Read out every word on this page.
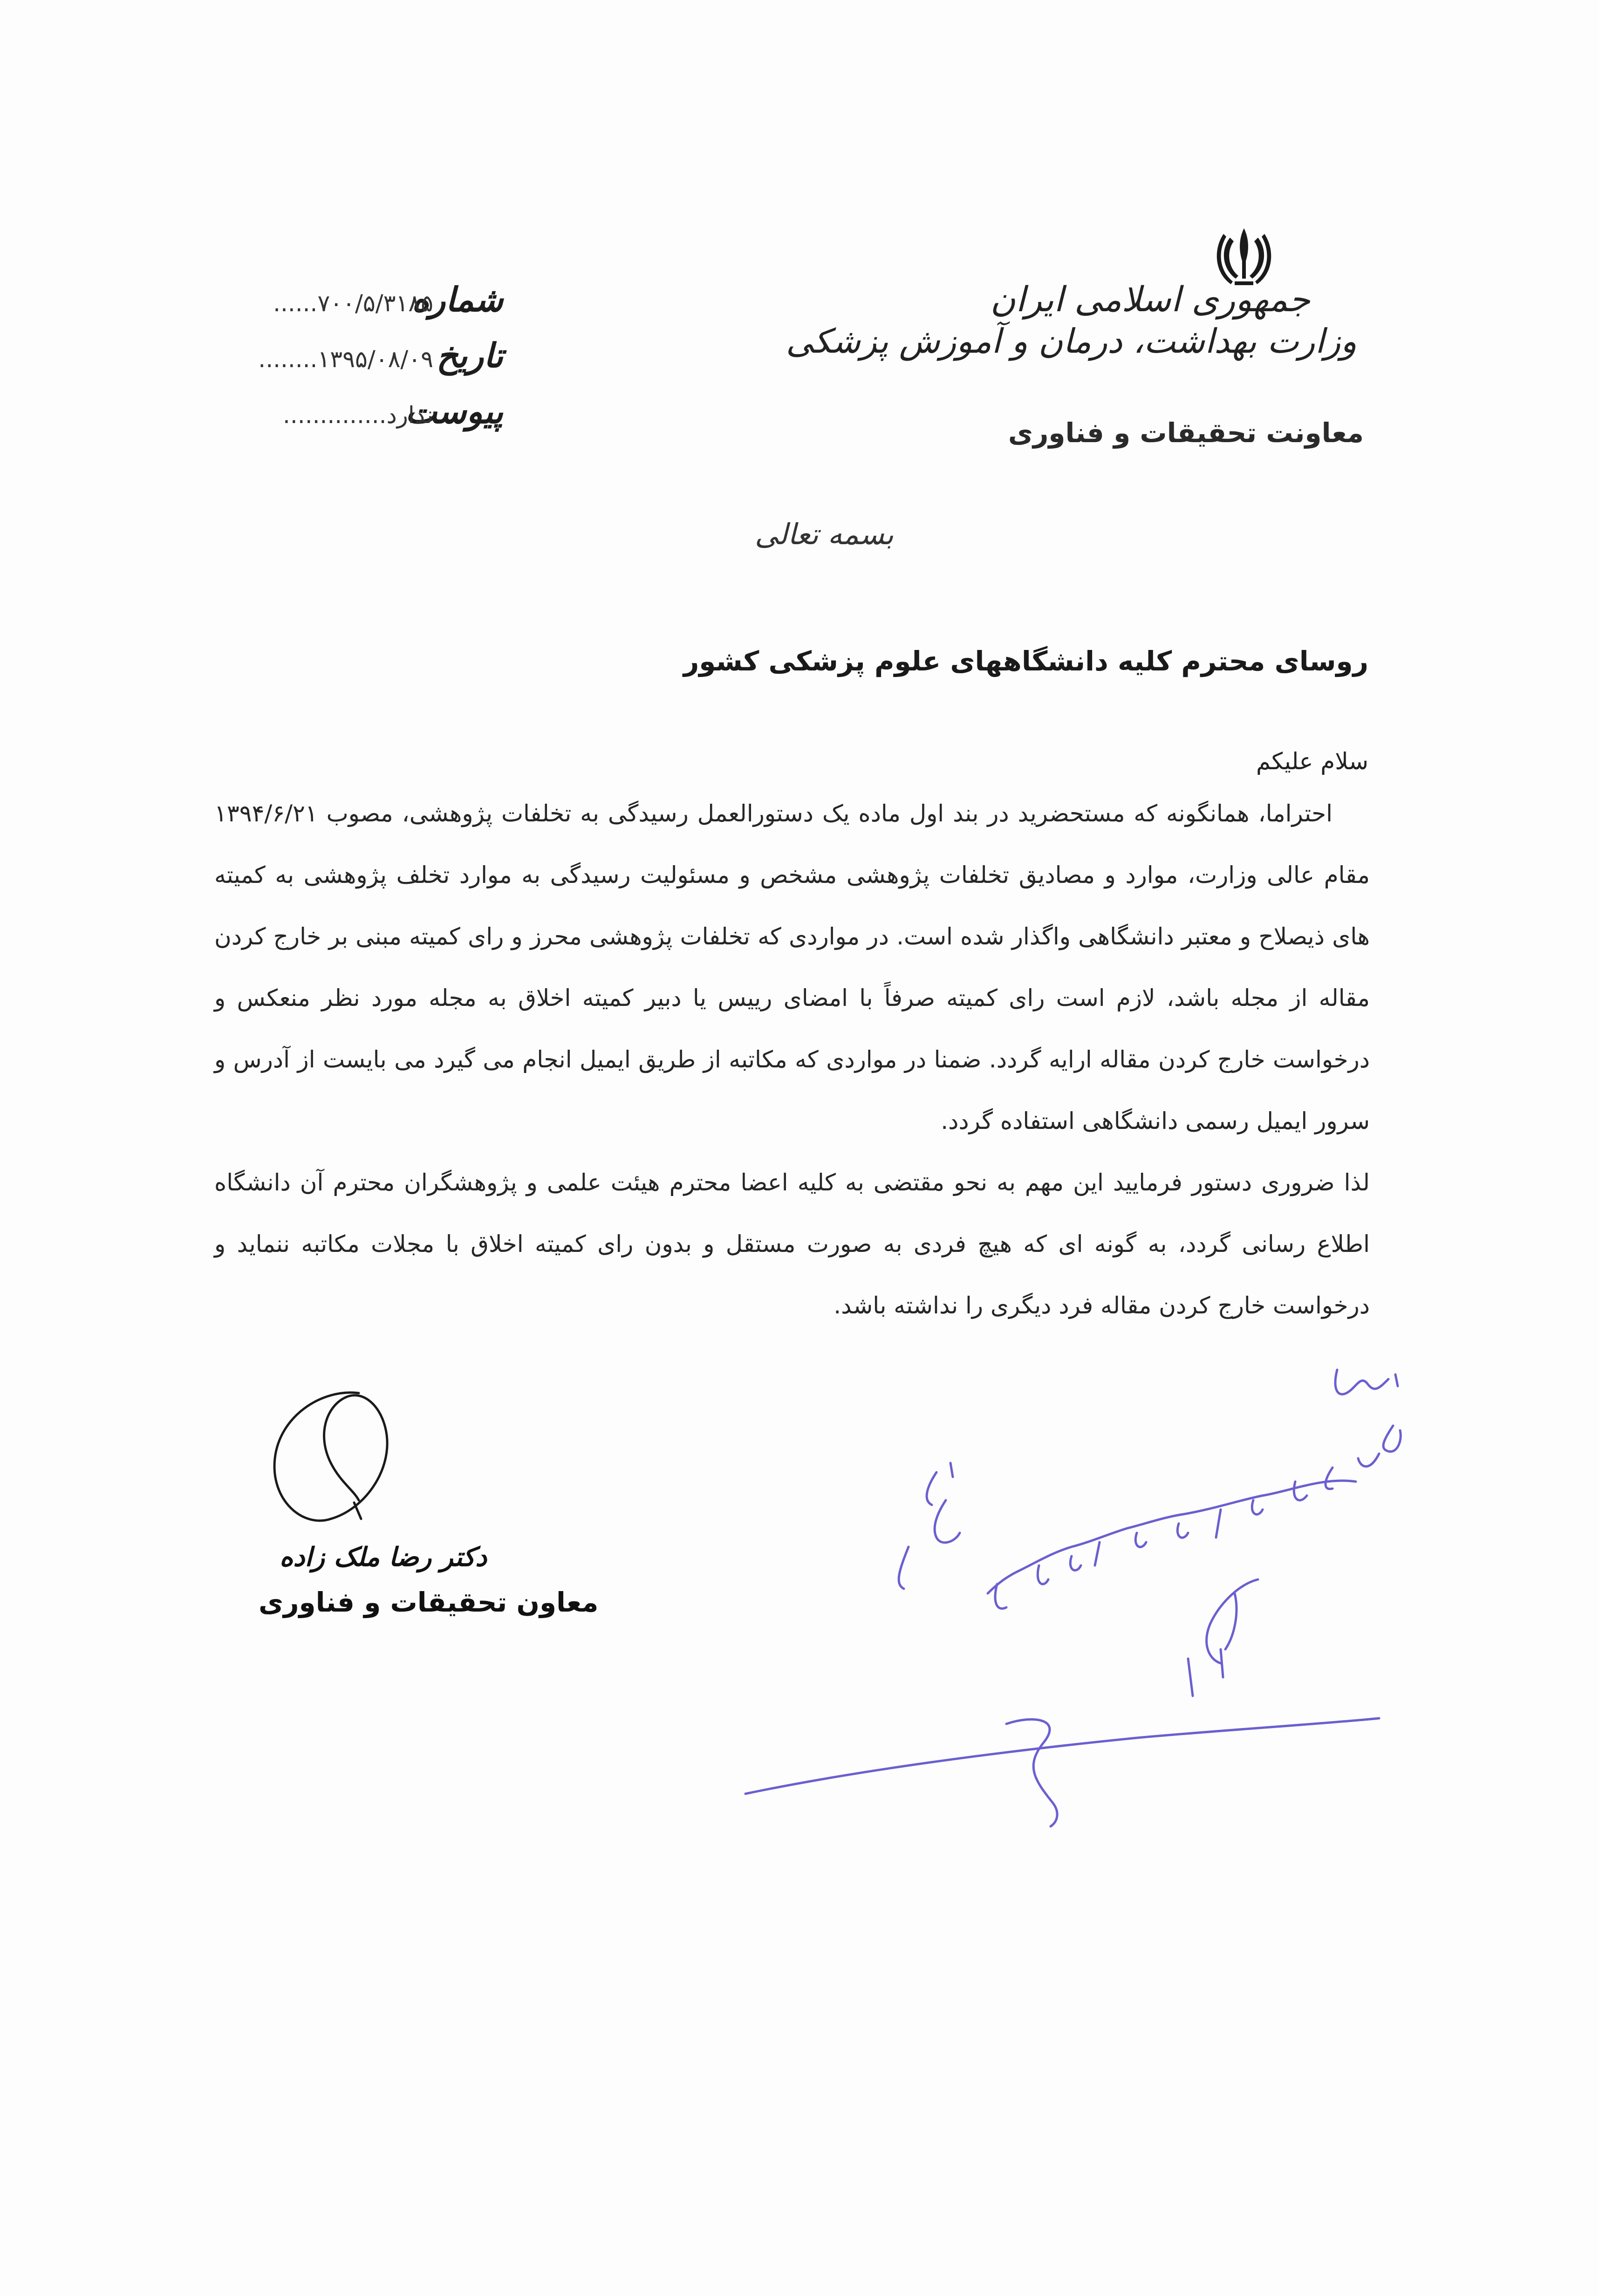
جمهوری اسلامی ایران
وزارت بهداشت، درمان و آموزش پزشکی
معاونت تحقیقات و فناوری
شماره
۷۰۰/۵/۳۱۸۵......
تاریخ
۱۳۹۵/۰۸/۰۹........
پیوست
ندارد..............
بسمه تعالی
روسای محترم کلیه دانشگاههای علوم پزشکی کشور
سلام علیکم

احتراما، همانگونه که مستحضرید در بند اول ماده یک دستورالعمل رسیدگی به تخلفات پژوهشی، مصوب ۱۳۹۴/۶/۲۱ مقام عالی وزارت، موارد و مصادیق تخلفات پژوهشی مشخص و مسئولیت رسیدگی به موارد تخلف پژوهشی به کمیته های ذیصلاح و معتبر دانشگاهی واگذار شده است. در مواردی که تخلفات پژوهشی محرز و رای کمیته مبنی بر خارج کردن مقاله از مجله باشد، لازم است رای کمیته صرفاً با امضای رییس یا دبیر کمیته اخلاق به مجله مورد نظر منعکس و درخواست خارج کردن مقاله ارایه گردد. ضمنا در مواردی که مکاتبه از طریق ایمیل انجام می گیرد می بایست از آدرس و سرور ایمیل رسمی دانشگاهی استفاده گردد.

لذا ضروری دستور فرمایید این مهم به نحو مقتضی به کلیه اعضا محترم هیئت علمی و پژوهشگران محترم آن دانشگاه اطلاع رسانی گردد، به گونه ای که هیچ فردی به صورت مستقل و بدون رای کمیته اخلاق با مجلات مکاتبه ننماید و درخواست خارج کردن مقاله فرد دیگری را نداشته باشد.

دکتر رضا ملک زاده
معاون تحقیقات و فناوری
